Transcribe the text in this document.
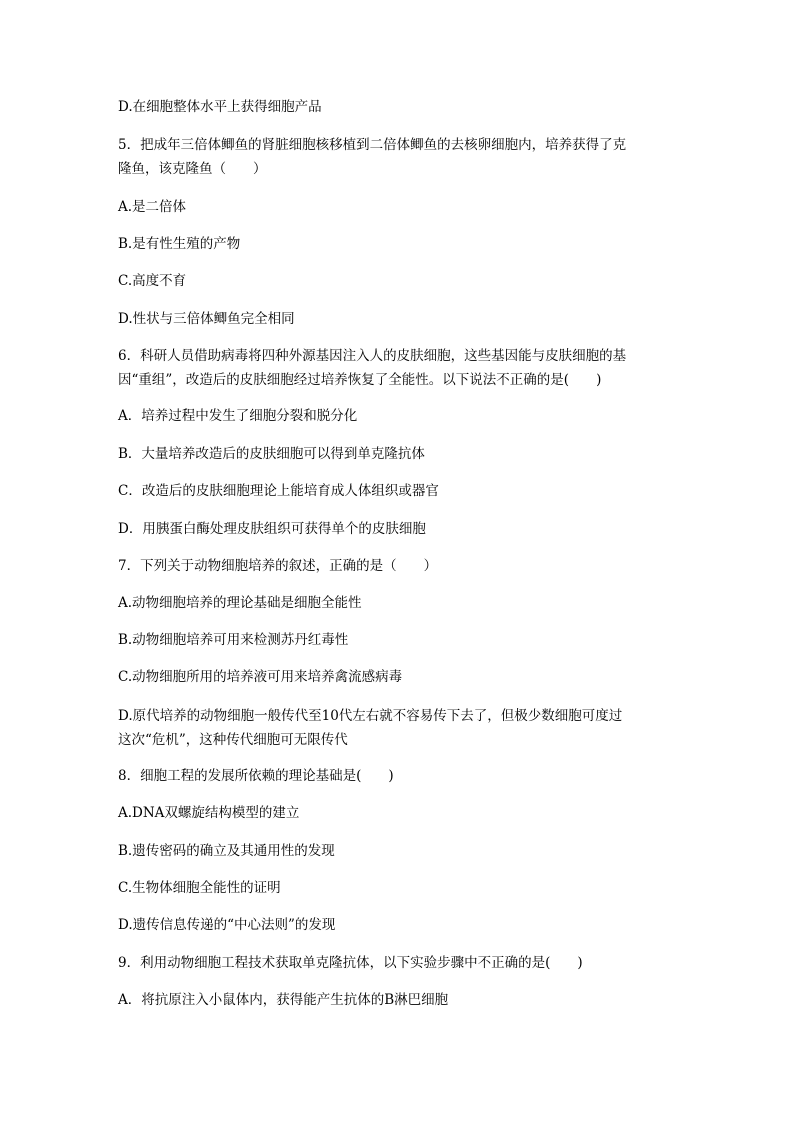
D.在细胞整体水平上获得细胞产品
5．把成年三倍体鲫鱼的肾脏细胞核移植到二倍体鲫鱼的去核卵细胞内，培养获得了克
隆鱼，该克隆鱼（　　）
A.是二倍体
B.是有性生殖的产物
C.高度不育
D.性状与三倍体鲫鱼完全相同
6．科研人员借助病毒将四种外源基因注入人的皮肤细胞，这些基因能与皮肤细胞的基
因“重组”，改造后的皮肤细胞经过培养恢复了全能性。以下说法不正确的是(　　)
A．培养过程中发生了细胞分裂和脱分化
B．大量培养改造后的皮肤细胞可以得到单克隆抗体
C．改造后的皮肤细胞理论上能培育成人体组织或器官
D．用胰蛋白酶处理皮肤组织可获得单个的皮肤细胞
7．下列关于动物细胞培养的叙述，正确的是（　　）
A.动物细胞培养的理论基础是细胞全能性
B.动物细胞培养可用来检测苏丹红毒性
C.动物细胞所用的培养液可用来培养禽流感病毒
D.原代培养的动物细胞一般传代至10代左右就不容易传下去了，但极少数细胞可度过
这次“危机”，这种传代细胞可无限传代
8．细胞工程的发展所依赖的理论基础是(　　)
A.DNA双螺旋结构模型的建立
B.遗传密码的确立及其通用性的发现
C.生物体细胞全能性的证明
D.遗传信息传递的“中心法则”的发现
9．利用动物细胞工程技术获取单克隆抗体，以下实验步骤中不正确的是(　　)
A．将抗原注入小鼠体内，获得能产生抗体的B淋巴细胞
